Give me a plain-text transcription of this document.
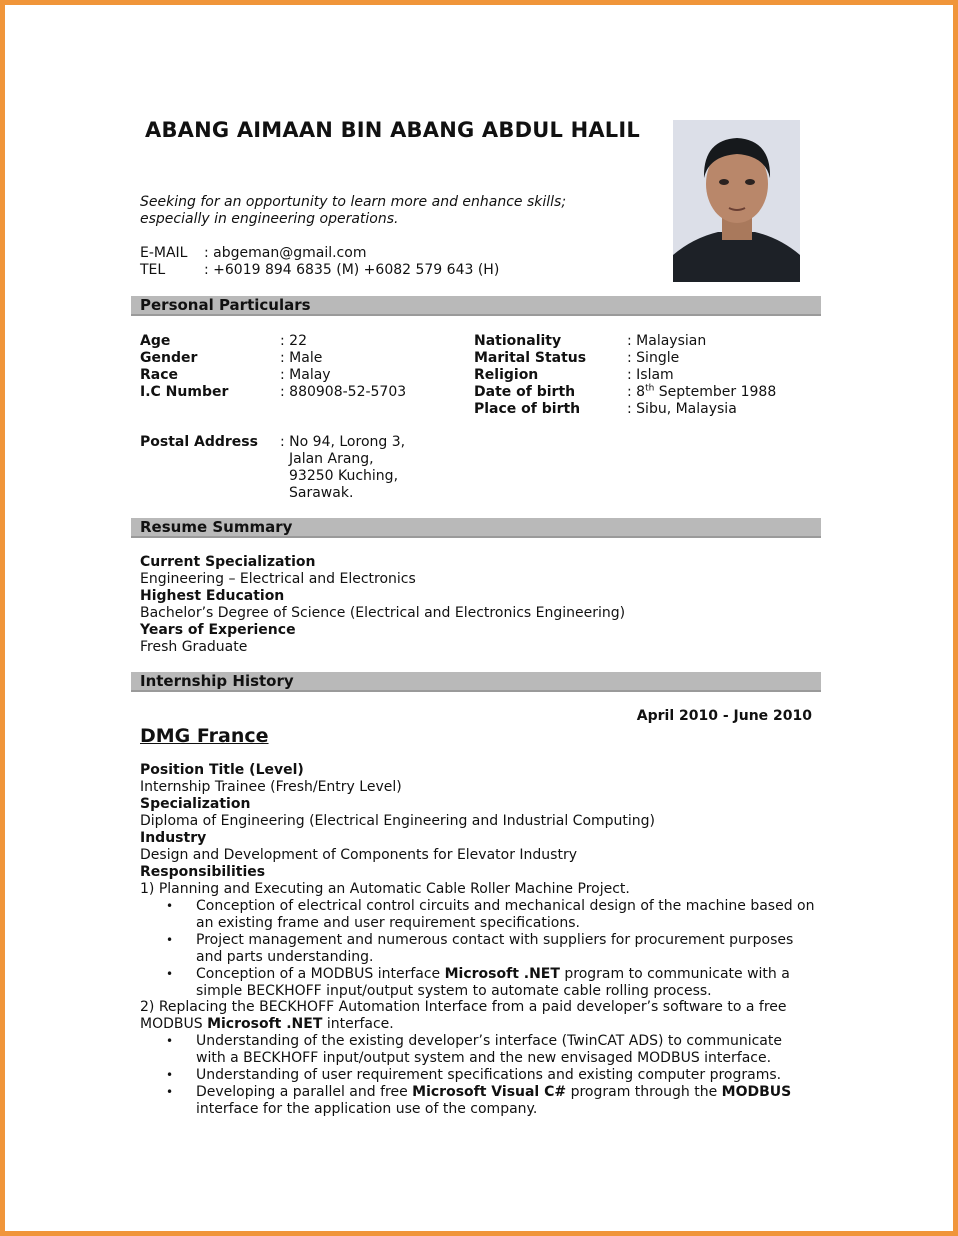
ABANG AIMAAN BIN ABANG ABDUL HALIL
Seeking for an opportunity to learn more and enhance skills;
especially in engineering operations.
E-MAIL : abgeman@gmail.com
TEL	: +6019 894 6835 (M) +6082 579 643 (H)
Personal Particulars
Age	: 22
Gender	: Male
Race	: Malay
I.C Number	: 880908-52-5703
Nationality	: Malaysian
Marital Status	: Single
Religion	: Islam
Date of birth	: 8th September 1988
Place of birth	: Sibu, Malaysia
Postal Address : No 94, Lorong 3,
Jalan Arang,
93250 Kuching,
Sarawak.
Resume Summary
Current Specialization
Engineering – Electrical and Electronics
Highest Education
Bachelor’s Degree of Science (Electrical and Electronics Engineering)
Years of Experience
Fresh Graduate
Internship History
April 2010 - June 2010
DMG France
Position Title (Level)
Internship Trainee (Fresh/Entry Level)
Specialization
Diploma of Engineering (Electrical Engineering and Industrial Computing)
Industry
Design and Development of Components for Elevator Industry
Responsibilities
1) Planning and Executing an Automatic Cable Roller Machine Project.
• Conception of electrical control circuits and mechanical design of the machine based on
an existing frame and user requirement specifications.
• Project management and numerous contact with suppliers for procurement purposes
and parts understanding.
• Conception of a MODBUS interface Microsoft .NET program to communicate with a
simple BECKHOFF input/output system to automate cable rolling process.
2) Replacing the BECKHOFF Automation Interface from a paid developer’s software to a free
MODBUS Microsoft .NET interface.
• Understanding of the existing developer’s interface (TwinCAT ADS) to communicate
with a BECKHOFF input/output system and the new envisaged MODBUS interface.
• Understanding of user requirement specifications and existing computer programs.
• Developing a parallel and free Microsoft Visual C# program through the MODBUS
interface for the application use of the company.
